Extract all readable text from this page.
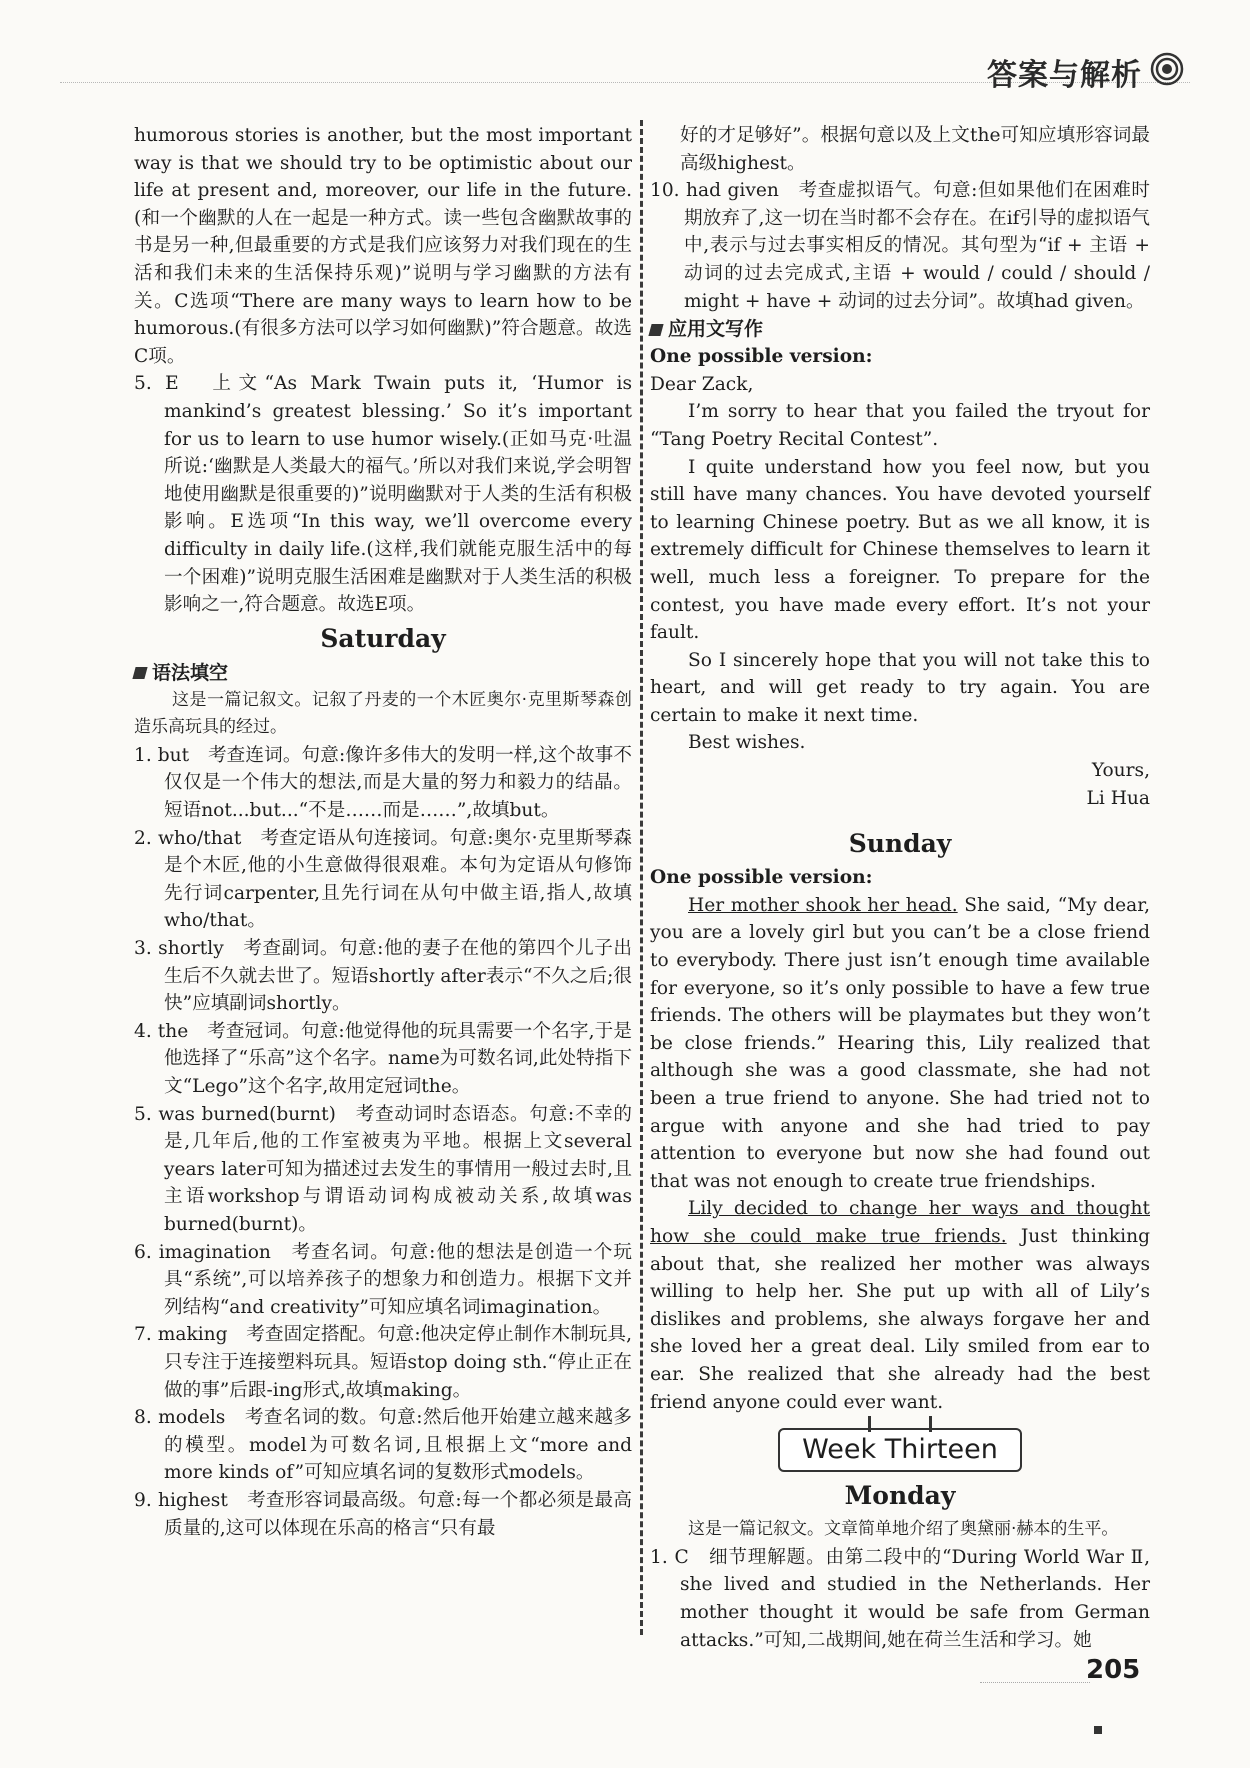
答案与解析

humorous stories is another, but the most important way is that we should try to be optimistic about our life at present and, moreover, our life in the future. (和一个幽默的人在一起是一种方式。读一些包含幽默故事的书是另一种,但最重要的方式是我们应该努力对我们现在的生活和我们未来的生活保持乐观)”说明与学习幽默的方法有关。C选项“There are many ways to learn how to be humorous.(有很多方法可以学习如何幽默)”符合题意。故选C项。

5. E　上文“As Mark Twain puts it, ‘Humor is mankind’s greatest blessing.’ So it’s important for us to learn to use humor wisely.(正如马克·吐温所说:‘幽默是人类最大的福气。’所以对我们来说,学会明智地使用幽默是很重要的)”说明幽默对于人类的生活有积极影响。E选项“In this way, we’ll overcome every difficulty in daily life.(这样,我们就能克服生活中的每一个困难)”说明克服生活困难是幽默对于人类生活的积极影响之一,符合题意。故选E项。

Saturday
语法填空

这是一篇记叙文。记叙了丹麦的一个木匠奥尔·克里斯琴森创造乐高玩具的经过。

1. but　考查连词。句意:像许多伟大的发明一样,这个故事不仅仅是一个伟大的想法,而是大量的努力和毅力的结晶。短语not...but...“不是……而是……”,故填but。

2. who/that　考查定语从句连接词。句意:奥尔·克里斯琴森是个木匠,他的小生意做得很艰难。本句为定语从句修饰先行词carpenter,且先行词在从句中做主语,指人,故填who/that。

3. shortly　考查副词。句意:他的妻子在他的第四个儿子出生后不久就去世了。短语shortly after表示“不久之后;很快”应填副词shortly。

4. the　考查冠词。句意:他觉得他的玩具需要一个名字,于是他选择了“乐高”这个名字。name为可数名词,此处特指下文“Lego”这个名字,故用定冠词the。

5. was burned(burnt)　考查动词时态语态。句意:不幸的是,几年后,他的工作室被夷为平地。根据上文several years later可知为描述过去发生的事情用一般过去时,且主语workshop与谓语动词构成被动关系,故填was burned(burnt)。

6. imagination　考查名词。句意:他的想法是创造一个玩具“系统”,可以培养孩子的想象力和创造力。根据下文并列结构“and creativity”可知应填名词imagination。

7. making　考查固定搭配。句意:他决定停止制作木制玩具,只专注于连接塑料玩具。短语stop doing sth.“停止正在做的事”后跟-ing形式,故填making。

8. models　考查名词的数。句意:然后他开始建立越来越多的模型。model为可数名词,且根据上文“more and more kinds of”可知应填名词的复数形式models。

9. highest　考查形容词最高级。句意:每一个都必须是最高质量的,这可以体现在乐高的格言“只有最

好的才足够好”。根据句意以及上文the可知应填形容词最高级highest。

10. had given　考查虚拟语气。句意:但如果他们在困难时期放弃了,这一切在当时都不会存在。在if引导的虚拟语气中,表示与过去事实相反的情况。其句型为“if + 主语 + 动词的过去完成式,主语 + would / could / should / might + have + 动词的过去分词”。故填had given。

应用文写作

One possible version:

Dear Zack,

I’m sorry to hear that you failed the tryout for “Tang Poetry Recital Contest”.

I quite understand how you feel now, but you still have many chances. You have devoted yourself to learning Chinese poetry. But as we all know, it is extremely difficult for Chinese themselves to learn it well, much less a foreigner. To prepare for the contest, you have made every effort. It’s not your fault.

So I sincerely hope that you will not take this to heart, and will get ready to try again. You are certain to make it next time.

Best wishes.

Yours,

Li Hua

Sunday

One possible version:

Her mother shook her head. She said, “My dear, you are a lovely girl but you can’t be a close friend to everybody. There just isn’t enough time available for everyone, so it’s only possible to have a few true friends. The others will be playmates but they won’t be close friends.” Hearing this, Lily realized that although she was a good classmate, she had not been a true friend to anyone. She had tried not to argue with anyone and she had tried to pay attention to everyone but now she had found out that was not enough to create true friendships.

Lily decided to change her ways and thought how she could make true friends. Just thinking about that, she realized her mother was always willing to help her. She put up with all of Lily’s dislikes and problems, she always forgave her and she loved her a great deal. Lily smiled from ear to ear. She realized that she already had the best friend anyone could ever want.

Week Thirteen
Monday

这是一篇记叙文。文章简单地介绍了奥黛丽·赫本的生平。

1. C　细节理解题。由第二段中的“During World War Ⅱ, she lived and studied in the Netherlands. Her mother thought it would be safe from German attacks.”可知,二战期间,她在荷兰生活和学习。她

205
